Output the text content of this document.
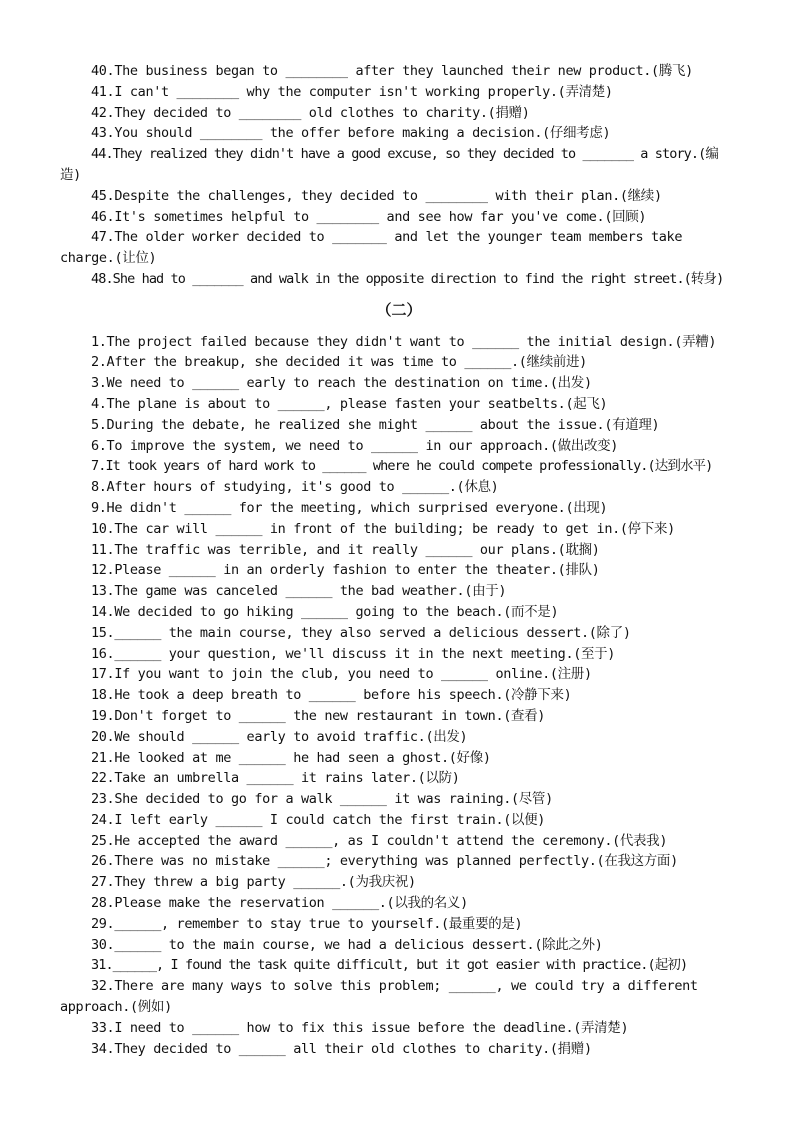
40.The business began to ________ after they launched their new product.(腾飞)
41.I can't ________ why the computer isn't working properly.(弄清楚)
42.They decided to ________ old clothes to charity.(捐赠)
43.You should ________ the offer before making a decision.(仔细考虑)
44.They realized they didn't have a good excuse, so they decided to _______ a story.(编
造)
45.Despite the challenges, they decided to ________ with their plan.(继续)
46.It's sometimes helpful to ________ and see how far you've come.(回顾)
47.The older worker decided to _______ and let the younger team members take
charge.(让位)
48.She had to _______ and walk in the opposite direction to find the right street.(转身)
（二）
1.The project failed because they didn't want to ______ the initial design.(弄糟)
2.After the breakup, she decided it was time to ______.(继续前进)
3.We need to ______ early to reach the destination on time.(出发)
4.The plane is about to ______, please fasten your seatbelts.(起飞)
5.During the debate, he realized she might ______ about the issue.(有道理)
6.To improve the system, we need to ______ in our approach.(做出改变)
7.It took years of hard work to ______ where he could compete professionally.(达到水平)
8.After hours of studying, it's good to ______.(休息)
9.He didn't ______ for the meeting, which surprised everyone.(出现)
10.The car will ______ in front of the building; be ready to get in.(停下来)
11.The traffic was terrible, and it really ______ our plans.(耽搁)
12.Please ______ in an orderly fashion to enter the theater.(排队)
13.The game was canceled ______ the bad weather.(由于)
14.We decided to go hiking ______ going to the beach.(而不是)
15.______ the main course, they also served a delicious dessert.(除了)
16.______ your question, we'll discuss it in the next meeting.(至于)
17.If you want to join the club, you need to ______ online.(注册)
18.He took a deep breath to ______ before his speech.(冷静下来)
19.Don't forget to ______ the new restaurant in town.(查看)
20.We should ______ early to avoid traffic.(出发)
21.He looked at me ______ he had seen a ghost.(好像)
22.Take an umbrella ______ it rains later.(以防)
23.She decided to go for a walk ______ it was raining.(尽管)
24.I left early ______ I could catch the first train.(以便)
25.He accepted the award ______, as I couldn't attend the ceremony.(代表我)
26.There was no mistake ______; everything was planned perfectly.(在我这方面)
27.They threw a big party ______.(为我庆祝)
28.Please make the reservation ______.(以我的名义)
29.______, remember to stay true to yourself.(最重要的是)
30.______ to the main course, we had a delicious dessert.(除此之外)
31.______, I found the task quite difficult, but it got easier with practice.(起初)
32.There are many ways to solve this problem; ______, we could try a different
approach.(例如)
33.I need to ______ how to fix this issue before the deadline.(弄清楚)
34.They decided to ______ all their old clothes to charity.(捐赠)
